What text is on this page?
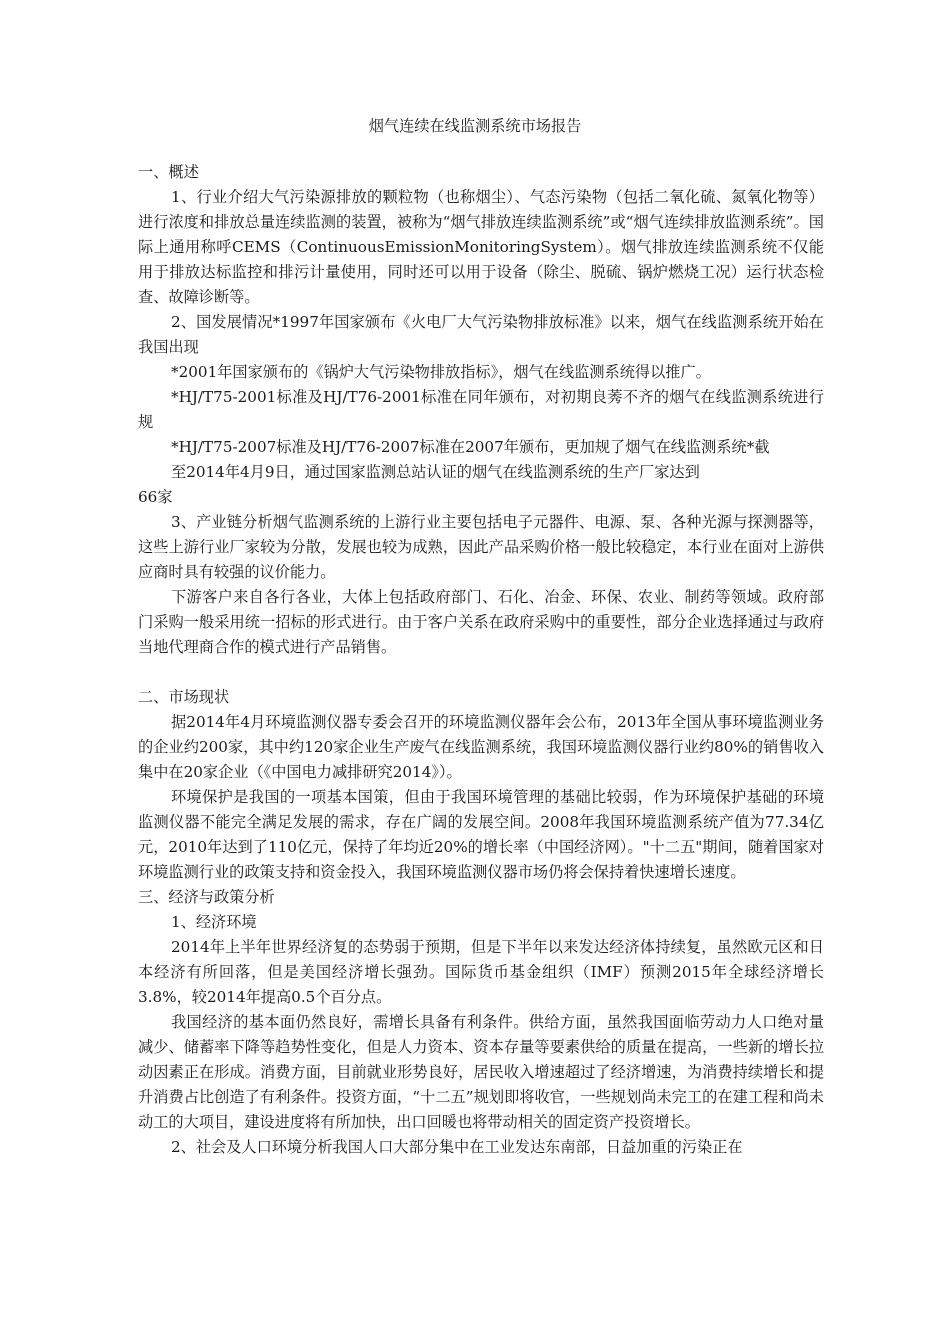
烟气连续在线监测系统市场报告

一、概述

1、行业介绍大气污染源排放的颗粒物（也称烟尘）、气态污染物（包括二氧化硫、氮氧化物等）进行浓度和排放总量连续监测的装置，被称为“烟气排放连续监测系统”或“烟气连续排放监测系统”。国际上通用称呼CEMS（ContinuousEmissionMonitoringSystem）。烟气排放连续监测系统不仅能用于排放达标监控和排污计量使用，同时还可以用于设备（除尘、脱硫、锅炉燃烧工况）运行状态检查、故障诊断等。

2、国发展情况*1997年国家颁布《火电厂大气污染物排放标准》以来，烟气在线监测系统开始在我国出现

*2001年国家颁布的《锅炉大气污染物排放指标》，烟气在线监测系统得以推广。

*HJ/T75-2001标准及HJ/T76-2001标准在同年颁布，对初期良莠不齐的烟气在线监测系统进行规

*HJ/T75-2007标准及HJ/T76-2007标准在2007年颁布，更加规了烟气在线监测系统*截

至2014年4月9日，通过国家监测总站认证的烟气在线监测系统的生产厂家达到

66家

3、产业链分析烟气监测系统的上游行业主要包括电子元器件、电源、泵、各种光源与探测器等，这些上游行业厂家较为分散，发展也较为成熟，因此产品采购价格一般比较稳定，本行业在面对上游供应商时具有较强的议价能力。

下游客户来自各行各业，大体上包括政府部门、石化、冶金、环保、农业、制药等领域。政府部门采购一般采用统一招标的形式进行。由于客户关系在政府采购中的重要性，部分企业选择通过与政府当地代理商合作的模式进行产品销售。

二、市场现状

据2014年4月环境监测仪器专委会召开的环境监测仪器年会公布，2013年全国从事环境监测业务的企业约200家，其中约120家企业生产废气在线监测系统，我国环境监测仪器行业约80%的销售收入集中在20家企业（《中国电力减排研究2014》）。

环境保护是我国的一项基本国策，但由于我国环境管理的基础比较弱，作为环境保护基础的环境监测仪器不能完全满足发展的需求，存在广阔的发展空间。2008年我国环境监测系统产值为77.34亿元，2010年达到了110亿元，保持了年均近20%的增长率（中国经济网）。"十二五"期间，随着国家对环境监测行业的政策支持和资金投入，我国环境监测仪器市场仍将会保持着快速增长速度。

三、经济与政策分析

1、经济环境

2014年上半年世界经济复的态势弱于预期，但是下半年以来发达经济体持续复，虽然欧元区和日本经济有所回落，但是美国经济增长强劲。国际货币基金组织（IMF）预测2015年全球经济增长3.8%，较2014年提高0.5个百分点。

我国经济的基本面仍然良好，需增长具备有利条件。供给方面，虽然我国面临劳动力人口绝对量减少、储蓄率下降等趋势性变化，但是人力资本、资本存量等要素供给的质量在提高，一些新的增长拉动因素正在形成。消费方面，目前就业形势良好，居民收入增速超过了经济增速，为消费持续增长和提升消费占比创造了有利条件。投资方面，“十二五”规划即将收官，一些规划尚未完工的在建工程和尚未动工的大项目，建设进度将有所加快，出口回暖也将带动相关的固定资产投资增长。

2、社会及人口环境分析我国人口大部分集中在工业发达东南部，日益加重的污染正在
